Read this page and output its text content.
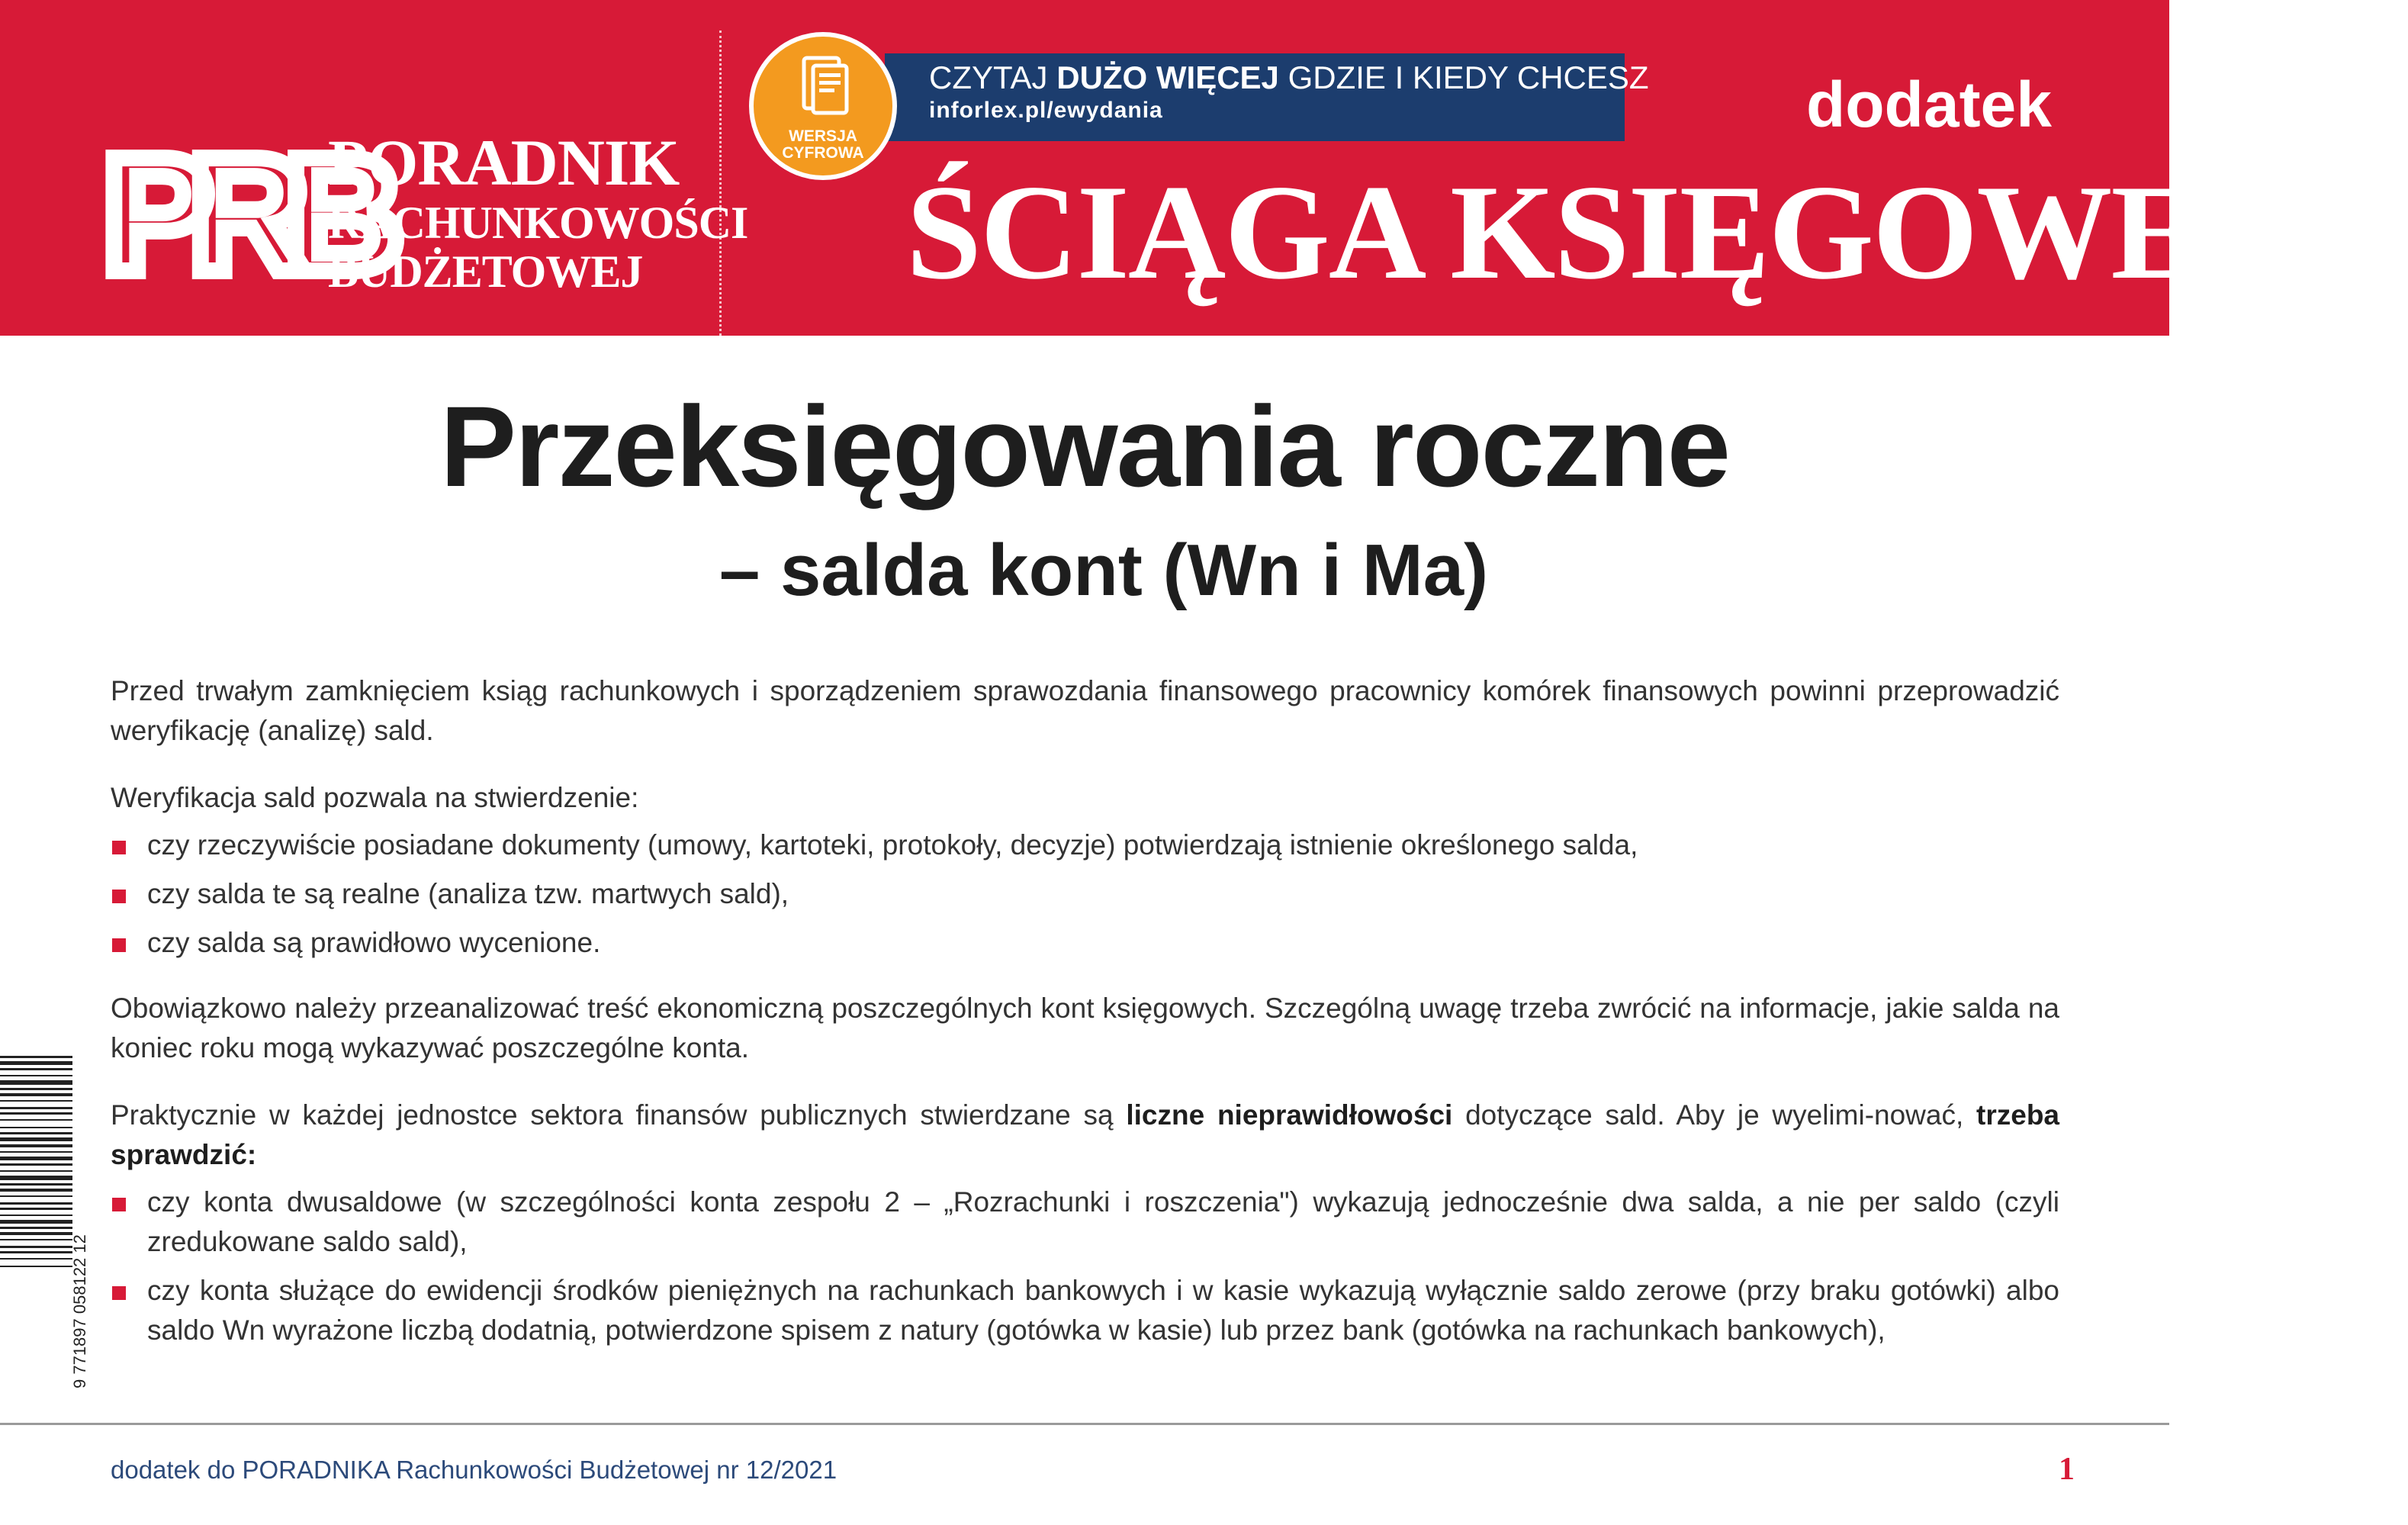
PRB
PORADNIK
RACHUNKOWOŚCI
BUDŻETOWEJ
CZYTAJ DUŻO WIĘCEJ GDZIE I KIEDY CHCESZ
inforlex.pl/ewydania
WERSJA
CYFROWA
dodatek
ŚCIĄGA KSIĘGOWEGO
Przeksięgowania roczne
– salda kont (Wn i Ma)

Przed trwałym zamknięciem ksiąg rachunkowych i sporządzeniem sprawozdania finansowego pracownicy komórek finansowych powinni przeprowadzić weryfikację (analizę) sald.

Weryfikacja sald pozwala na stwierdzenie:

czy rzeczywiście posiadane dokumenty (umowy, kartoteki, protokoły, decyzje) potwierdzają istnienie określonego salda,
czy salda te są realne (analiza tzw. martwych sald),
czy salda są prawidłowo wycenione.

Obowiązkowo należy przeanalizować treść ekonomiczną poszczególnych kont księgowych. Szczególną uwagę trzeba zwrócić na informacje, jakie salda na koniec roku mogą wykazywać poszczególne konta.

Praktycznie w każdej jednostce sektora finansów publicznych stwierdzane są liczne nieprawidłowości dotyczące sald. Aby je wyelimi-nować, trzeba sprawdzić:

czy konta dwusaldowe (w szczególności konta zespołu 2 – „Rozrachunki i roszczenia") wykazują jednocześnie dwa salda, a nie per saldo (czyli zredukowane saldo sald),
czy konta służące do ewidencji środków pieniężnych na rachunkach bankowych i w kasie wykazują wyłącznie saldo zerowe (przy braku gotówki) albo saldo Wn wyrażone liczbą dodatnią, potwierdzone spisem z natury (gotówka w kasie) lub przez bank (gotówka na rachunkach bankowych),
9 771897 058122 12
dodatek do PORADNIKA Rachunkowości Budżetowej nr 12/2021	1
